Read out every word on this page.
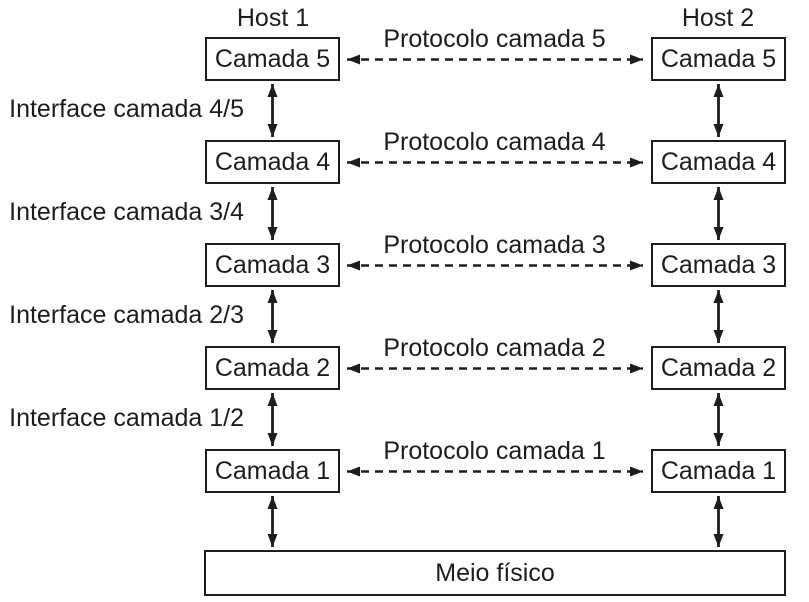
Host 1	Host 2
Camada 5
Camada 4
Camada 3
Camada 2
Camada 1
Camada 5
Camada 4
Camada 3
Camada 2
Camada 1
Protocolo camada 5
Protocolo camada 4
Protocolo camada 3
Protocolo camada 2
Protocolo camada 1
Interface camada 4/5
Interface camada 3/4
Interface camada 2/3
Interface camada 1/2
Meio físico
